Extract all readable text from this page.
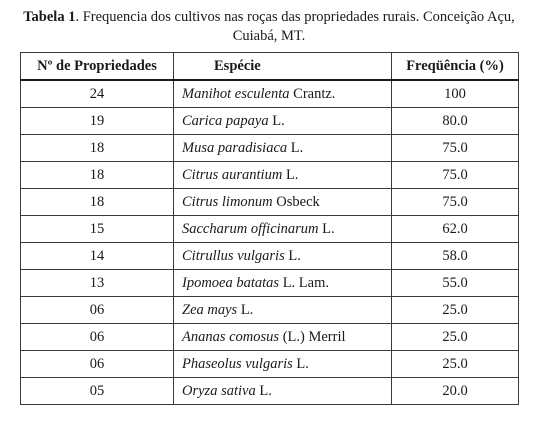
Tabela 1. Frequencia dos cultivos nas roças das propriedades rurais. Conceição Açu, Cuiabá, MT.
Nº de Propriedades	Espécie	Freqüência (%)
24	Manihot esculenta Crantz.	100
19	Carica papaya L.	80.0
18	Musa paradisiaca L.	75.0
18	Citrus aurantium L.	75.0
18	Citrus limonum Osbeck	75.0
15	Saccharum officinarum L.	62.0
14	Citrullus vulgaris L.	58.0
13	Ipomoea batatas L. Lam.	55.0
06	Zea mays L.	25.0
06	Ananas comosus (L.) Merril	25.0
06	Phaseolus vulgaris L.	25.0
05	Oryza sativa L.	20.0
